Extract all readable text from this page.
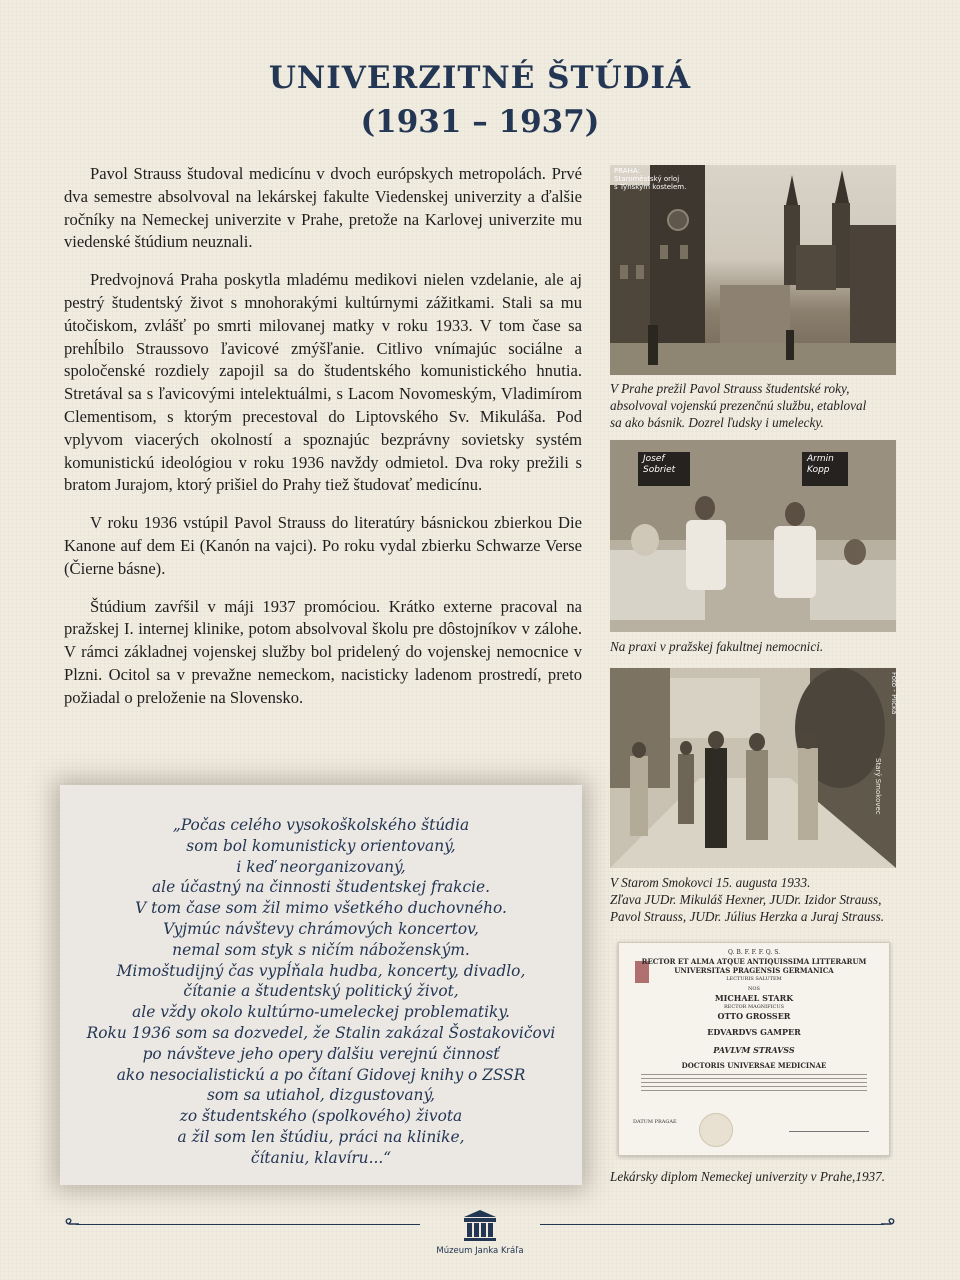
UNIVERZITNÉ ŠTÚDIÁ
(1931 – 1937)

Pavol Strauss študoval medicínu v dvoch európskych metropolách. Prvé dva semestre absolvoval na lekárskej fakulte Viedenskej univerzity a ďalšie ročníky na Nemeckej univerzite v Prahe, pretože na Karlovej univerzite mu viedenské štúdium neuznali.

Predvojnová Praha poskytla mladému medikovi nielen vzdelanie, ale aj pestrý študentský život s mnohorakými kultúrnymi zážitkami. Stali sa mu útočiskom, zvlášť po smrti milovanej matky v roku 1933. V tom čase sa prehĺbilo Straussovo ľavicové zmýšľanie. Citlivo vnímajúc sociálne a spoločenské rozdiely zapojil sa do študentského komunistického hnutia. Stretával sa s ľavicovými intelektuálmi, s Lacom Novomeským, Vladimírom Clementisom, s ktorým precestoval do Liptovského Sv. Mikuláša. Pod vplyvom viacerých okolností a spoznajúc bezprávny sovietsky systém komunistickú ideológiou v roku 1936 navždy odmietol. Dva roky prežili s bratom Jurajom, ktorý prišiel do Prahy tiež študovať medicínu.

V roku 1936 vstúpil Pavol Strauss do literatúry básnickou zbierkou Die Kanone auf dem Ei (Kanón na vajci). Po roku vydal zbierku Schwarze Verse (Čierne básne).

Štúdium zavŕšil v máji 1937 promóciou. Krátko externe pracoval na pražskej I. internej klinike, potom absolvoval školu pre dôstojníkov v zálohe. V rámci základnej vojenskej služby bol pridelený do vojenskej nemocnice v Plzni. Ocitol sa v prevažne nemeckom, nacisticky ladenom prostredí, preto požiadal o preloženie na Slovensko.

PRAHA:
Staroměstský orloj
s Týnským kostelem.
V Prahe prežil Pavol Strauss študentské roky,
absolvoval vojenskú prezenčnú službu, etabloval
sa ako básnik. Dozrel ľudsky i umelecky.
Josef
Sobriet
Armin
Kopp
Na praxi v pražskej fakultnej nemocnici.
Foto - Plička
Starý Smokovec
V Starom Smokovci 15. augusta 1933.
Zľava JUDr. Mikuláš Hexner, JUDr. Izidor Strauss,
Pavol Strauss, JUDr. Július Herzka a Juraj Strauss.
Q. B. F. F. F. Q. S.
RECTOR ET ALMA ATQUE ANTIQUISSIMA LITTERARUM
UNIVERSITAS PRAGENSIS GERMANICA
LECTURIS SALUTEM
NOS
MICHAEL STARK
RECTOR MAGNIFICUS
OTTO GROSSER
EDVARDVS GAMPER
PAVLVM STRAVSS
DOCTORIS UNIVERSAE MEDICINAE
DATUM PRAGAE
Lekársky diplom Nemeckej univerzity v Prahe,1937.
„Počas celého vysokoškolského štúdia
som bol komunisticky orientovaný,
i keď neorganizovaný,
ale účastný na činnosti študentskej frakcie.
V tom čase som žil mimo všetkého duchovného.
Vyjmúc návštevy chrámových koncertov,
nemal som styk s ničím náboženským.
Mimoštudijný čas vypĺňala hudba, koncerty, divadlo,
čítanie a študentský politický život,
ale vždy okolo kultúrno-umeleckej problematiky.
Roku 1936 som sa dozvedel, že Stalin zakázal Šostakovičovi
po návšteve jeho opery ďalšiu verejnú činnosť
ako nesocialistickú a po čítaní Gidovej knihy o ZSSR
som sa utiahol, dizgustovaný,
zo študentského (spolkového) života
a žil som len štúdiu, práci na klinike,
čítaniu, klavíru...“
Múzeum Janka Kráľa
